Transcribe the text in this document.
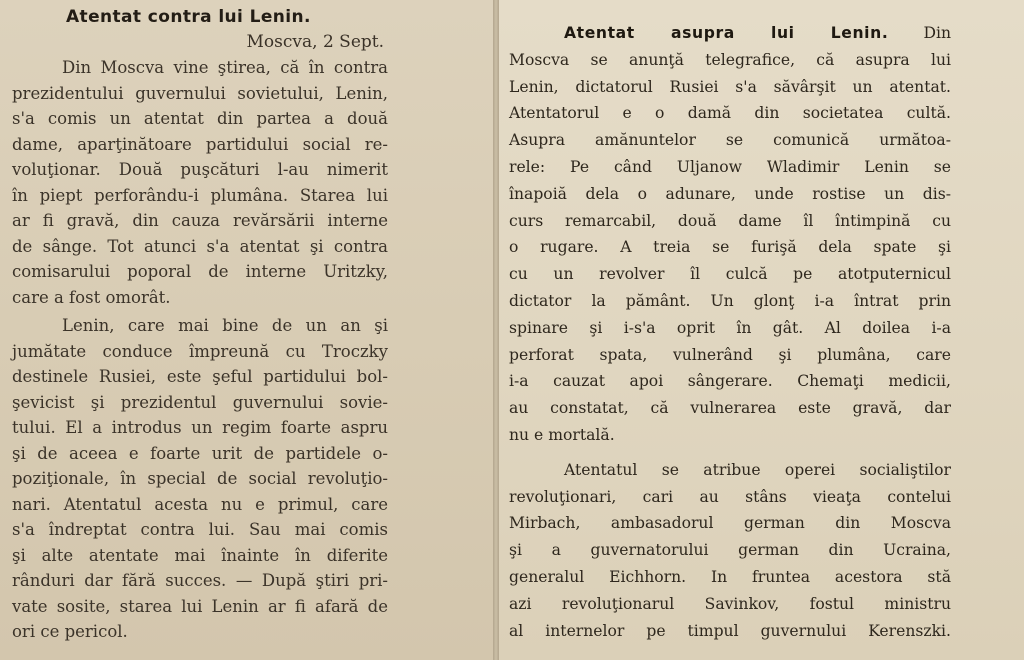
Atentat contra lui Lenin.
Moscva, 2 Sept.
Din Moscva vine ştirea, că în contra
prezidentului guvernului sovietului, Lenin,
s'a comis un atentat din partea a două
dame, aparţinătoare partidului social re-
voluţionar. Două puşcături l-au nimerit
în piept perforându-i plumâna. Starea lui
ar fi gravă, din cauza revărsării interne
de sânge. Tot atunci s'a atentat şi contra
comisarului poporal de interne Uritzky,
care a fost omorât.
Lenin, care mai bine de un an şi
jumătate conduce împreună cu Troczky
destinele Rusiei, este şeful partidului bol-
şevicist şi prezidentul guvernului sovie-
tului. El a introdus un regim foarte aspru
şi de aceea e foarte urit de partidele o-
poziţionale, în special de social revoluţio-
nari. Atentatul acesta nu e primul, care
s'a îndreptat contra lui. Sau mai comis
şi alte atentate mai înainte în diferite
rânduri dar fără succes. — După ştiri pri-
vate sosite, starea lui Lenin ar fi afară de
ori ce pericol.
Atentat asupra lui Lenin. Din
Moscva se anunţă telegrafice, că asupra lui
Lenin, dictatorul Rusiei s'a săvârşit un atentat.
Atentatorul e o damă din societatea cultă.
Asupra amănuntelor se comunică următoa-
rele: Pe când Uljanow Wladimir Lenin se
înapoiă dela o adunare, unde rostise un dis-
curs remarcabil, două dame îl întimpină cu
o rugare. A treia se furişă dela spate şi
cu un revolver îl culcă pe atotputernicul
dictator la pământ. Un glonţ i-a întrat prin
spinare şi i-s'a oprit în gât. Al doilea i-a
perforat spata, vulnerând şi plumâna, care
i-a cauzat apoi sângerare. Chemaţi medicii,
au constatat, că vulnerarea este gravă, dar
nu e mortală.
Atentatul se atribue operei socialiştilor
revoluţionari, cari au stâns vieaţa contelui
Mirbach, ambasadorul german din Moscva
şi a guvernatorului german din Ucraina,
generalul Eichhorn. In fruntea acestora stă
azi revoluţionarul Savinkov, fostul ministru
al internelor pe timpul guvernului Kerenszki.
